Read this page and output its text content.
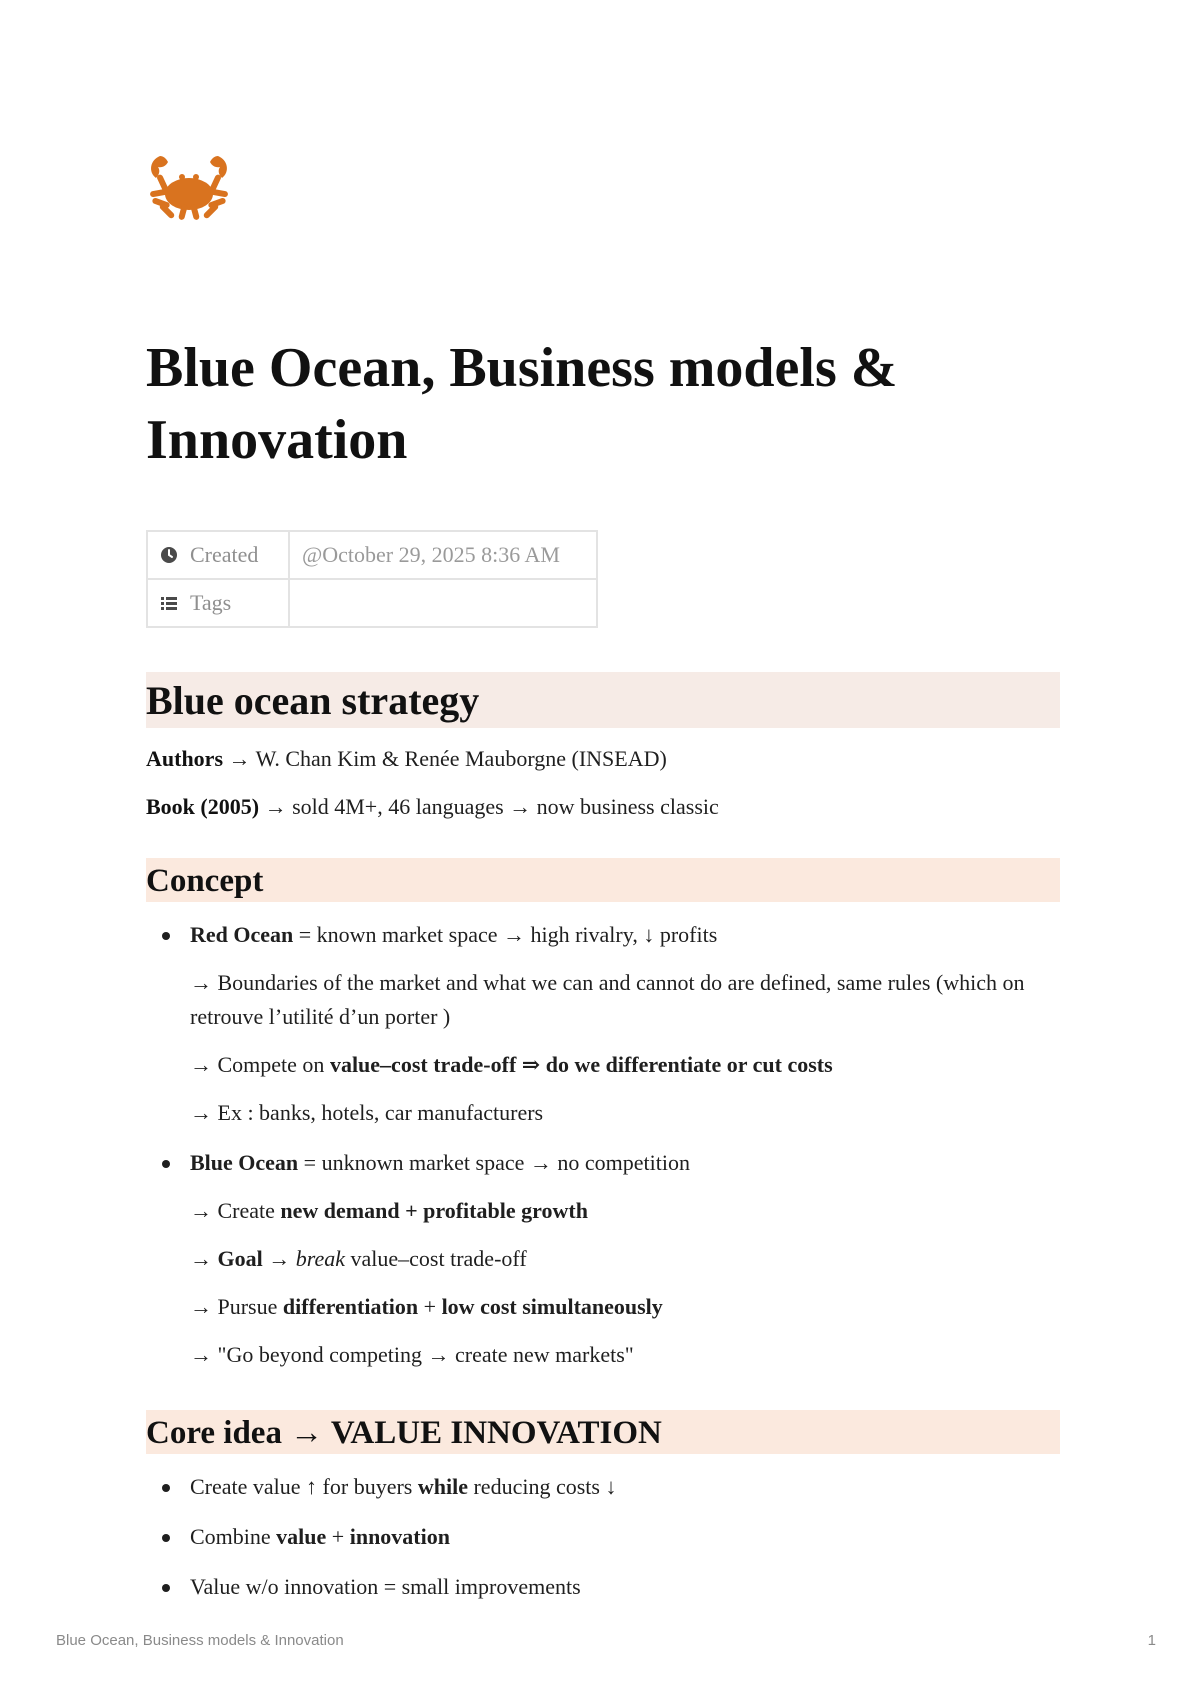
Blue Ocean, Business models & Innovation
Created	@October 29, 2025 8:36 AM
Tags	
Blue ocean strategy

Authors → W. Chan Kim & Renée Mauborgne (INSEAD)

Book (2005) → sold 4M+, 46 languages → now business classic

Concept
Red Ocean = known market space → high rivalry, ↓ profits
→ Boundaries of the market and what we can and cannot do are defined, same rules (which on retrouve l’utilité d’un porter )
→ Compete on value–cost trade-off ⇒ do we differentiate or cut costs
→ Ex : banks, hotels, car manufacturers
Blue Ocean = unknown market space → no competition
→ Create new demand + profitable growth
→ Goal → break value–cost trade-off
→ Pursue differentiation + low cost simultaneously
→ "Go beyond competing → create new markets"
Core idea → VALUE INNOVATION
Create value ↑ for buyers while reducing costs ↓
Combine value + innovation
Value w/o innovation = small improvements
Blue Ocean, Business models & Innovation	1
